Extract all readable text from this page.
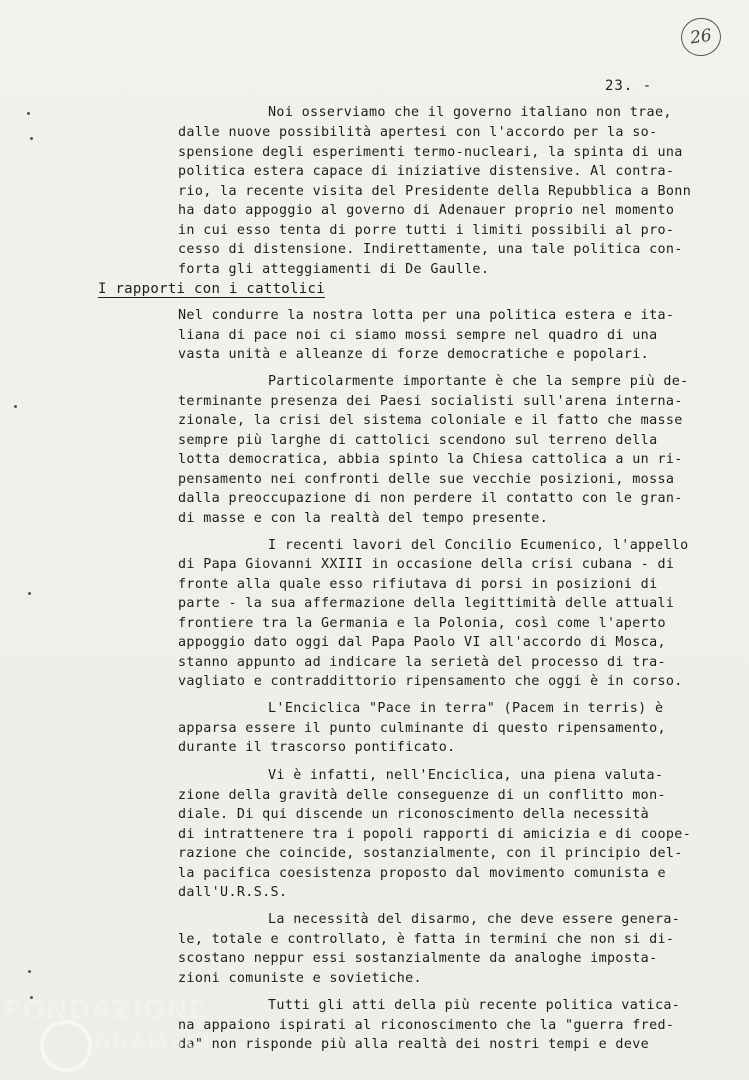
26
23. -
Noi osserviamo che il governo italiano non trae,
dalle nuove possibilità apertesi con l'accordo per la so-
spensione degli esperimenti termo-nucleari, la spinta di una
politica estera capace di iniziative distensive. Al contra-
rio, la recente visita del Presidente della Repubblica a Bonn
ha dato appoggio al governo di Adenauer proprio nel momento
in cui esso tenta di porre tutti i limiti possibili al pro-
cesso di distensione. Indirettamente, una tale politica con-
forta gli atteggiamenti di De Gaulle.
I rapporti con i cattolici
Nel condurre la nostra lotta per una politica estera e ita-
liana di pace noi ci siamo mossi sempre nel quadro di una
vasta unità e alleanze di forze democratiche e popolari.
Particolarmente importante è che la sempre più de-
terminante presenza dei Paesi socialisti sull'arena interna-
zionale, la crisi del sistema coloniale e il fatto che masse
sempre più larghe di cattolici scendono sul terreno della
lotta democratica, abbia spinto la Chiesa cattolica a un ri-
pensamento nei confronti delle sue vecchie posizioni, mossa
dalla preoccupazione di non perdere il contatto con le gran-
di masse e con la realtà del tempo presente.
I recenti lavori del Concilio Ecumenico, l'appello
di Papa Giovanni XXIII in occasione della crisi cubana - di
fronte alla quale esso rifiutava di porsi in posizioni di
parte - la sua affermazione della legittimità delle attuali
frontiere tra la Germania e la Polonia, così come l'aperto
appoggio dato oggi dal Papa Paolo VI all'accordo di Mosca,
stanno appunto ad indicare la serietà del processo di tra-
vagliato e contraddittorio ripensamento che oggi è in corso.
L'Enciclica "Pace in terra" (Pacem in terris) è
apparsa essere il punto culminante di questo ripensamento,
durante il trascorso pontificato.
Vi è infatti, nell'Enciclica, una piena valuta-
zione della gravità delle conseguenze di un conflitto mon-
diale. Di qui discende un riconoscimento della necessità
di intrattenere tra i popoli rapporti di amicizia e di coope-
razione che coincide, sostanzialmente, con il principio del-
la pacifica coesistenza proposto dal movimento comunista e
dall'U.R.S.S.
La necessità del disarmo, che deve essere genera-
le, totale e controllato, è fatta in termini che non si di-
scostano neppur essi sostanzialmente da analoghe imposta-
zioni comuniste e sovietiche.
Tutti gli atti della più recente politica vatica-
na appaiono ispirati al riconoscimento che la "guerra fred-
da" non risponde più alla realtà dei nostri tempi e deve
FONDAZIONE
GRAMSCI
